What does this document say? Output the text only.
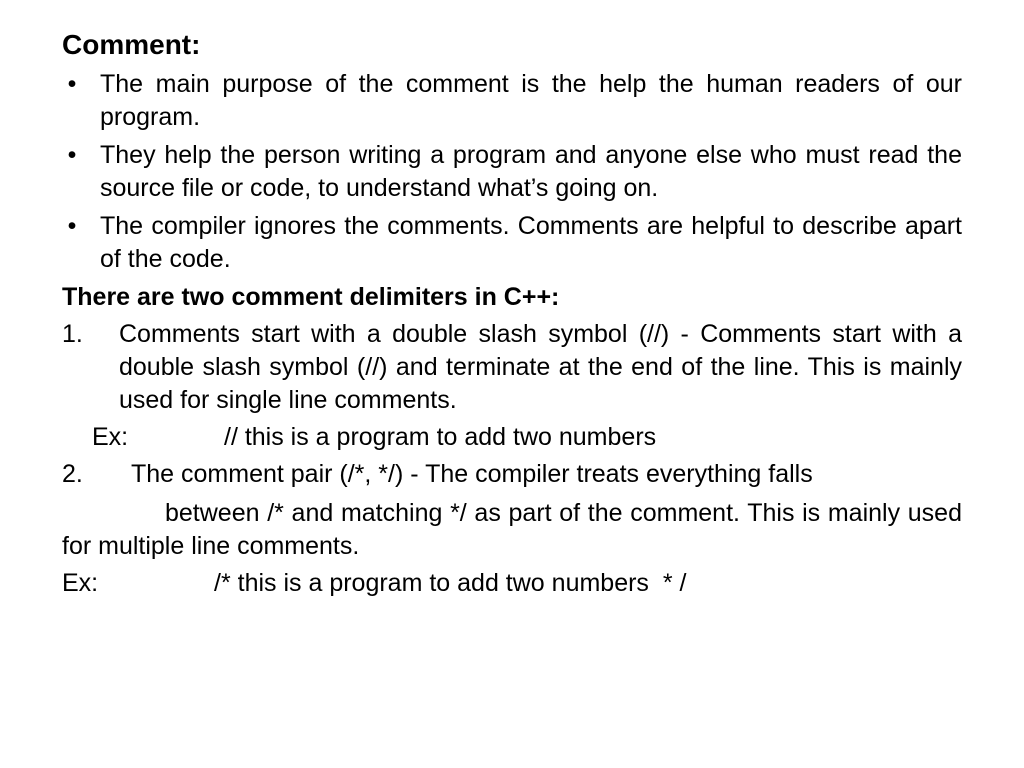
Comment:
• The main purpose of the comment is the help the human readers of our program.
• They help the person writing a program and anyone else who must read the source file or code, to understand what’s going on.
• The compiler ignores the comments. Comments are helpful to describe apart of the code.
There are two comment delimiters in C++:
1. Comments start with a double slash symbol (//) - Comments start with a double slash symbol (//) and terminate at the end of the line. This is mainly used for single line comments.
Ex:	// this is a program to add two numbers
2. The comment pair (/*, */) - The compiler treats everything falls
between /* and matching */ as part of the comment. This is mainly used for multiple line comments.
Ex:	/* this is a program to add two numbers  * /
